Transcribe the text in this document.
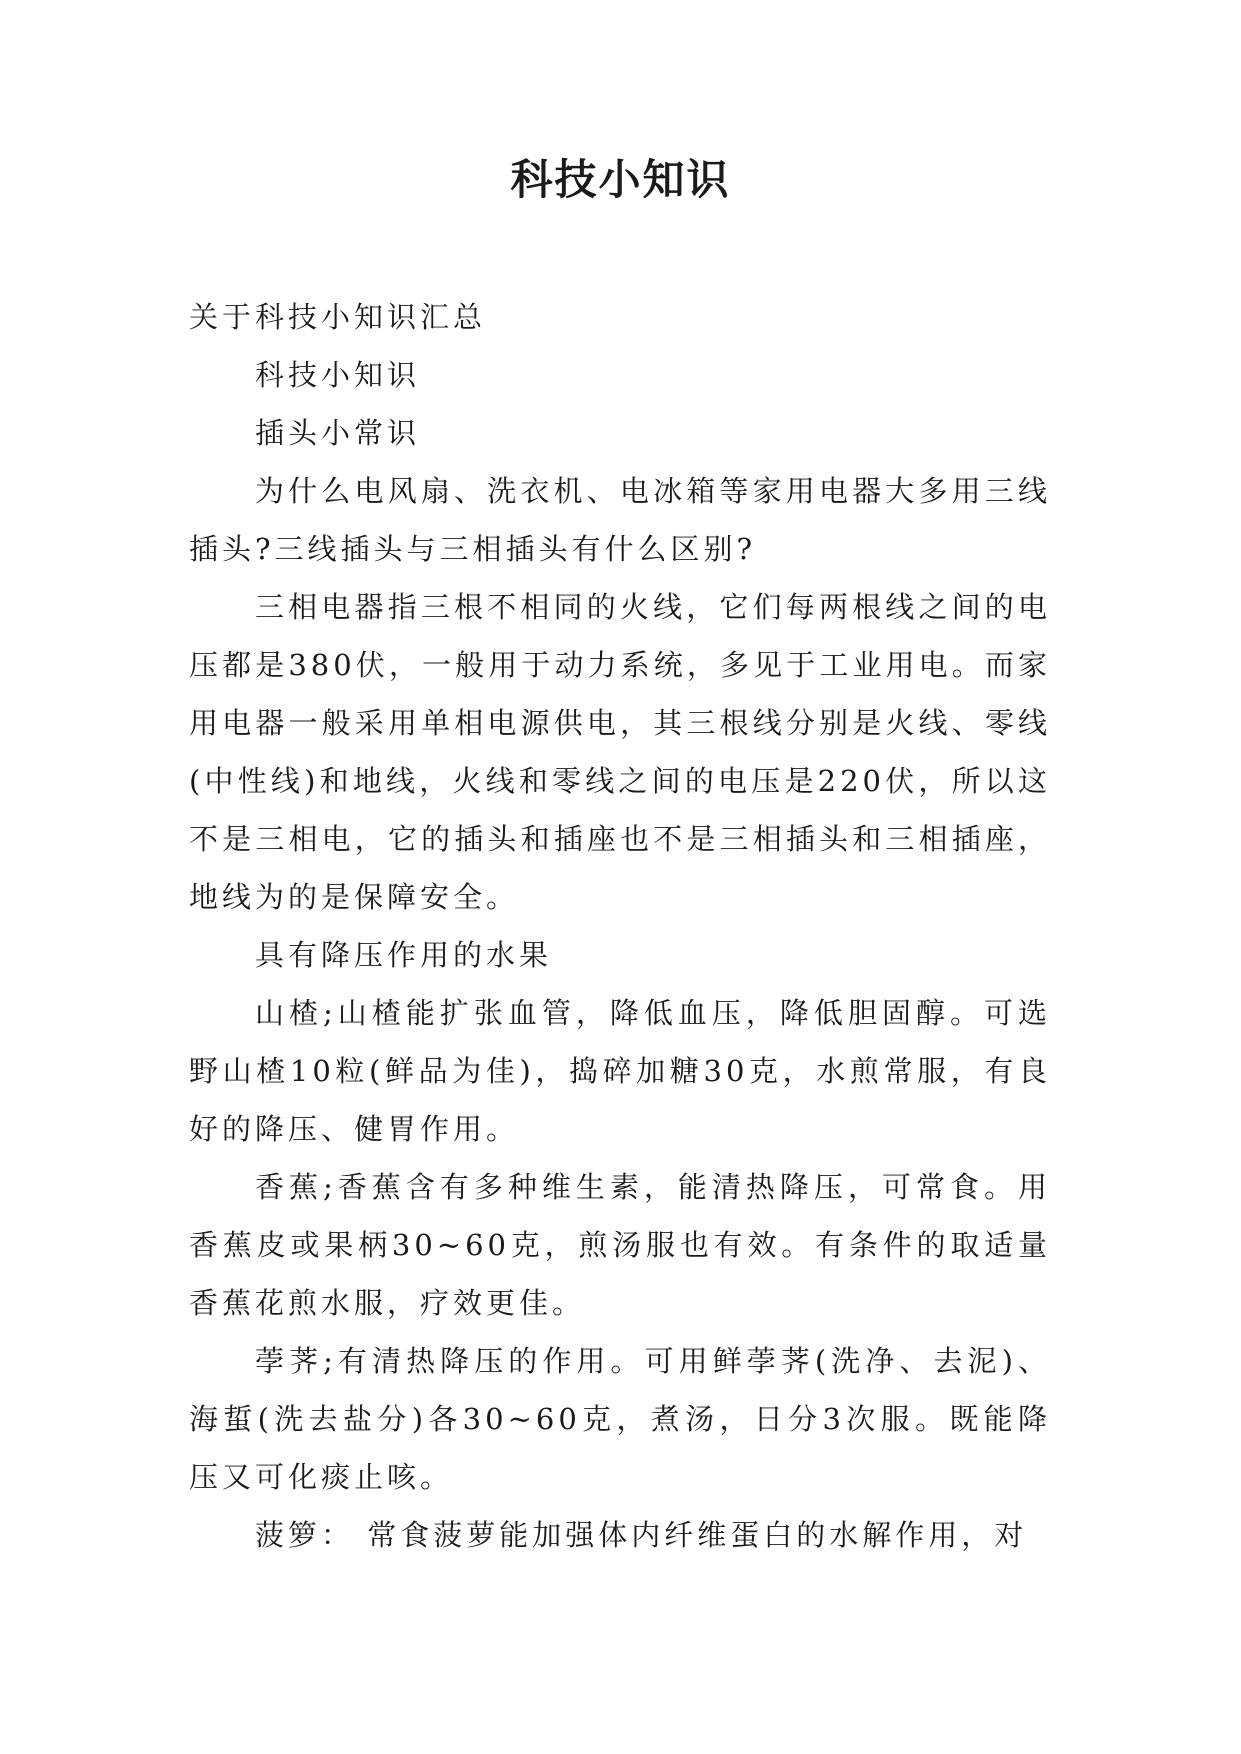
科技小知识

关于科技小知识汇总

科技小知识

插头小常识

为什么电风扇、洗衣机、电冰箱等家用电器大多用三线插头?三线插头与三相插头有什么区别?

三相电器指三根不相同的火线，它们每两根线之间的电压都是380伏，一般用于动力系统，多见于工业用电。而家用电器一般采用单相电源供电，其三根线分别是火线、零线(中性线)和地线，火线和零线之间的电压是220伏，所以这不是三相电，它的插头和插座也不是三相插头和三相插座，地线为的是保障安全。

具有降压作用的水果

山楂;山楂能扩张血管，降低血压，降低胆固醇。可选野山楂10粒(鲜品为佳)，捣碎加糖30克，水煎常服，有良好的降压、健胃作用。

香蕉;香蕉含有多种维生素，能清热降压，可常食。用香蕉皮或果柄30~60克，煎汤服也有效。有条件的取适量香蕉花煎水服，疗效更佳。

荸荠;有清热降压的作用。可用鲜荸荠(洗净、去泥)、海蜇(洗去盐分)各30~60克，煮汤，日分3次服。既能降压又可化痰止咳。

菠箩： 常食菠萝能加强体内纤维蛋白的水解作用，对
